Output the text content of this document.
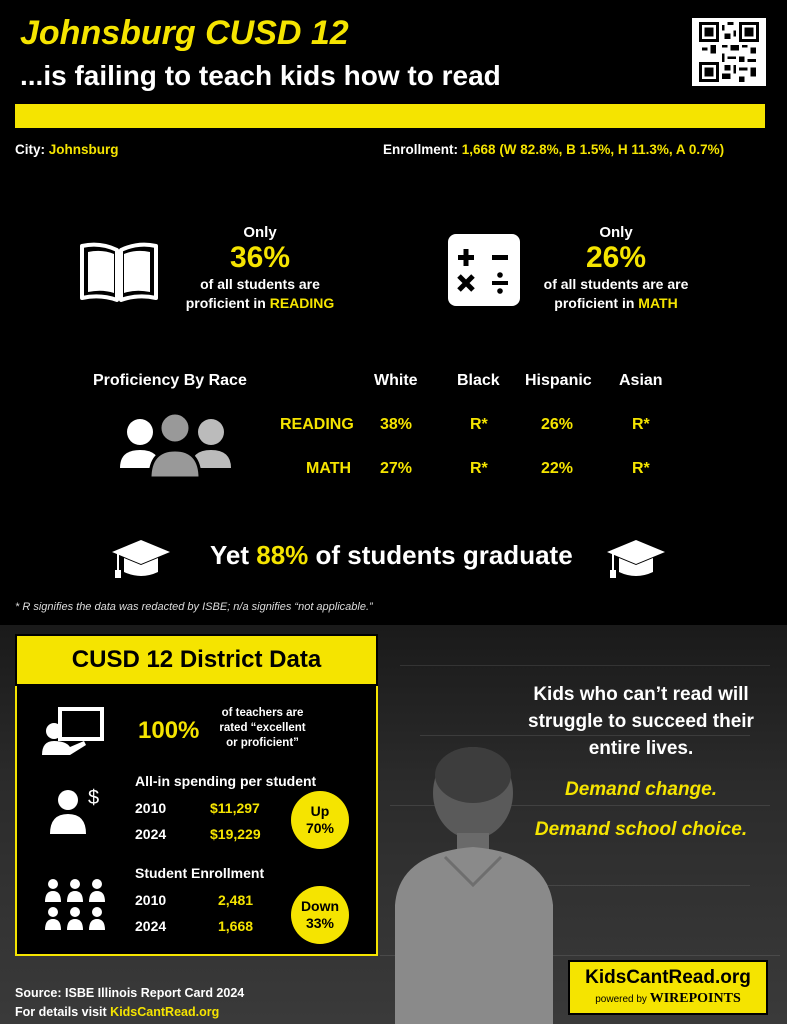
Johnsburg CUSD 12
...is failing to teach kids how to read
City: Johnsburg	Enrollment: 1,668 (W 82.8%, B 1.5%, H 11.3%, A 0.7%)
Only
36%
of all students are
proficient in READING
Only
26%
of all students are are
proficient in MATH
Proficiency By Race	White Black Hispanic Asian
READING 38%	R*	26%	R*
MATH 27%	R*	22%	R*
Yet 88% of students graduate
* R signifies the data was redacted by ISBE; n/a signifies “not applicable.”
CUSD 12 District Data
100%
of teachers are
rated “excellent
or proficient”
All-in spending per student
$	2010	$11,297
2024	$19,229
Up
70%
Student Enrollment
2010	2,481
2024	1,668
Down
33%
Kids who can’t read will
struggle to succeed their
entire lives.
Demand change.
Demand school choice.
Source: ISBE Illinois Report Card 2024
For details visit KidsCantRead.org
KidsCantRead.org
powered by WIREPOINTS
